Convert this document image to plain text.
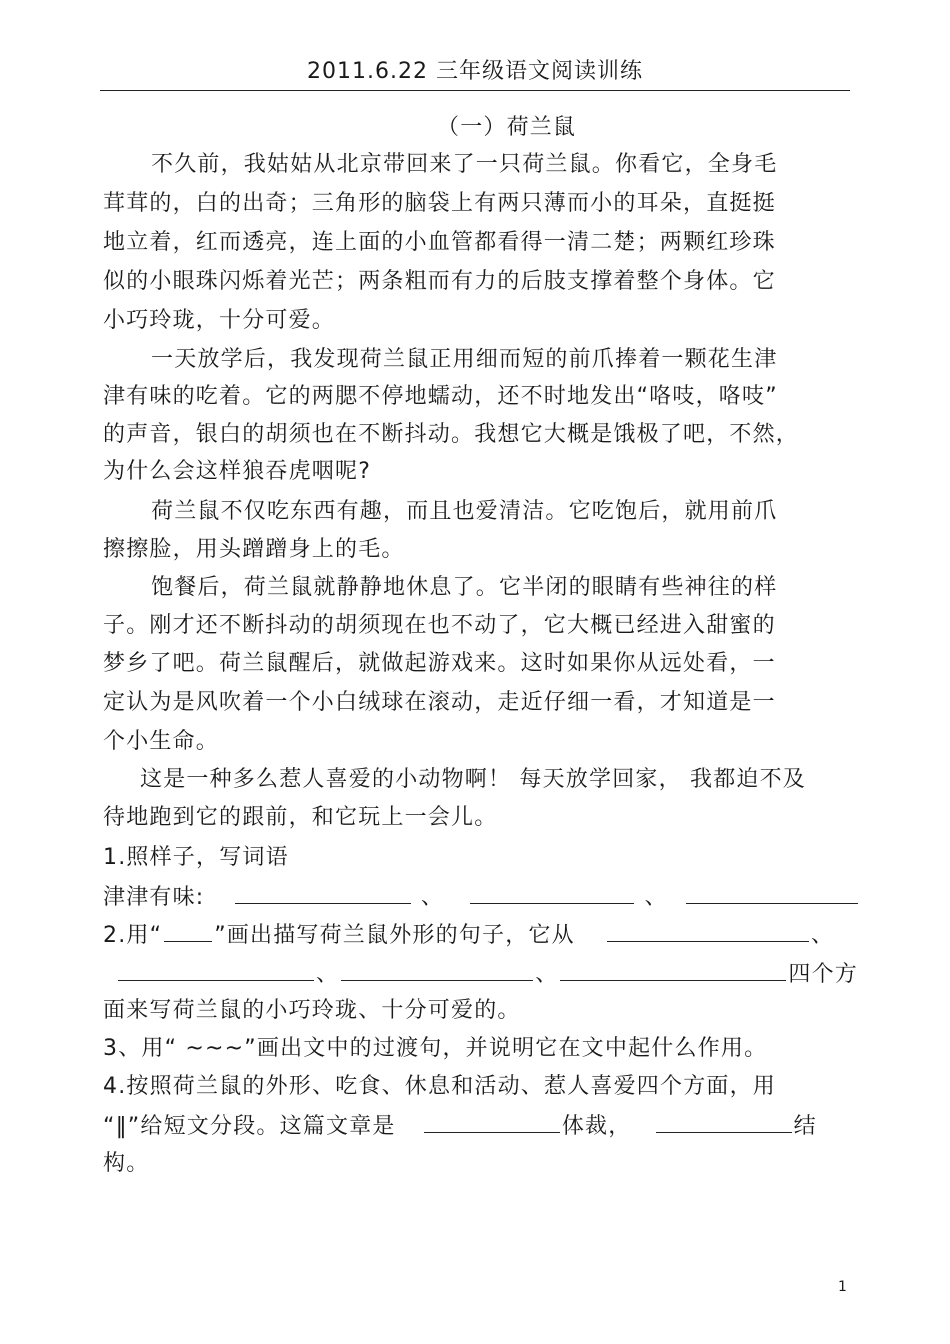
2011.6.22 三年级语文阅读训练
（一）荷兰鼠
不久前，我姑姑从北京带回来了一只荷兰鼠。你看它，全身毛
茸茸的，白的出奇；三角形的脑袋上有两只薄而小的耳朵，直挺挺
地立着，红而透亮，连上面的小血管都看得一清二楚；两颗红珍珠
似的小眼珠闪烁着光芒；两条粗而有力的后肢支撑着整个身体。它
小巧玲珑，十分可爱。
一天放学后，我发现荷兰鼠正用细而短的前爪捧着一颗花生津
津有味的吃着。它的两腮不停地蠕动，还不时地发出“咯吱，咯吱”
的声音，银白的胡须也在不断抖动。我想它大概是饿极了吧，不然，
为什么会这样狼吞虎咽呢?
荷兰鼠不仅吃东西有趣，而且也爱清洁。它吃饱后，就用前爪
擦擦脸，用头蹭蹭身上的毛。
饱餐后，荷兰鼠就静静地休息了。它半闭的眼睛有些神往的样
子。刚才还不断抖动的胡须现在也不动了，它大概已经进入甜蜜的
梦乡了吧。荷兰鼠醒后，就做起游戏来。这时如果你从远处看，一
定认为是风吹着一个小白绒球在滚动，走近仔细一看，才知道是一
个小生命。
这是一种多么惹人喜爱的小动物啊！ 每天放学回家， 我都迫不及
待地跑到它的跟前，和它玩上一会儿。
1.照样子，写词语
津津有味:	、	、
2.用“ ”画出描写荷兰鼠外形的句子，它从	、
、	、	四个方
面来写荷兰鼠的小巧玲珑、十分可爱的。
3、用“ ~~~”画出文中的过渡句，并说明它在文中起什么作用。
4.按照荷兰鼠的外形、吃食、休息和活动、惹人喜爱四个方面，用
“‖”给短文分段。这篇文章是	体裁，	结
构。
1
